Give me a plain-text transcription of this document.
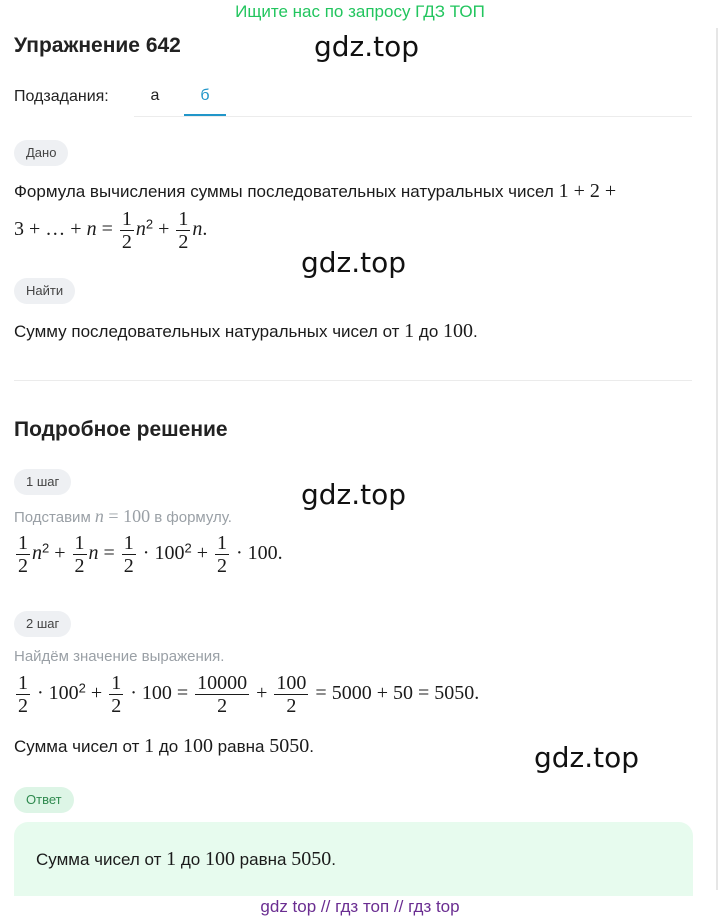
Ищите нас по запросу ГДЗ ТОП
Упражнение 642	gdz.top
gdz.top
gdz.top
gdz.top
Подзадания:	а	б
Дано
Формула вычисления суммы последовательных натуральных чисел 1 + 2 +
3 + … + $n = \frac{1}{2} n^2 + \frac{1}{2} n$.
Найти
Сумму последовательных натуральных чисел от 1 до 100.
Подробное решение
1 шаг
Подставим n = 100 в формулу.
$\frac{1}{2} n^2 + \frac{1}{2}$ $n = \frac{1}{2} \cdot 100^2 + \frac{1}{2} \cdot 100$.
2 шаг
Найдём значение выражения.
$\frac{1}{2} \cdot 100^2 + \frac{1}{2} \cdot 100 = \frac{10000}{2} + \frac{100}{2} = 5000 + 50 = 5050$.
Сумма чисел от 1 до 100 равна 5050.
Ответ
Сумма чисел от 1 до 100 равна 5050.
gdz top // гдз топ // гдз top
